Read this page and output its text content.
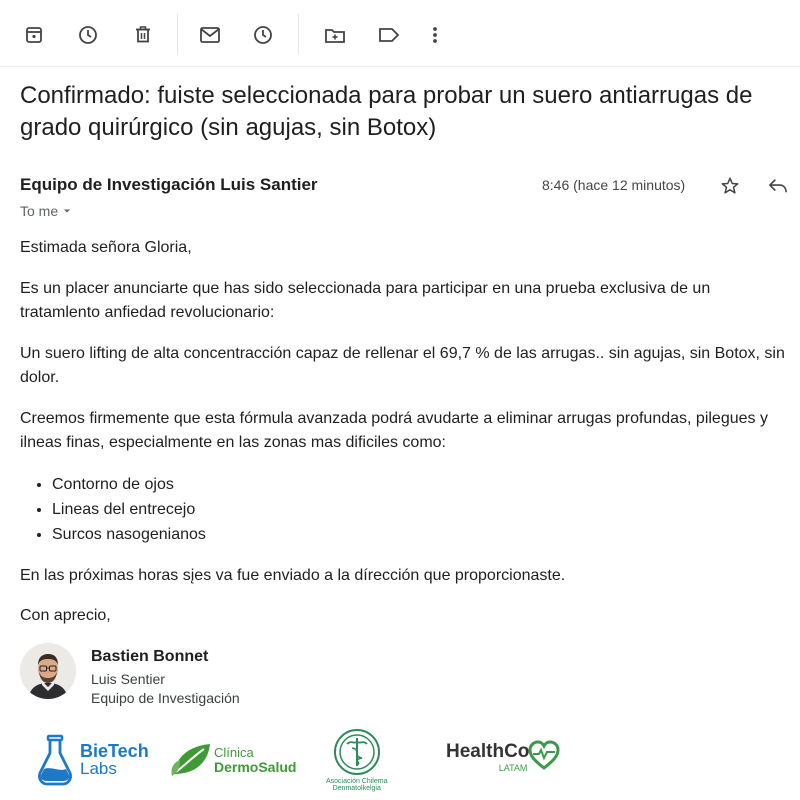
Confirmado: fuiste seleccionada para probar un suero antiarrugas de grado quirúrgico (sin agujas, sin Botox)
Equipo de Investigación Luis Santier	8:46 (hace 12 minutos)
To me

Estimada señora Gloria,

Es un placer anunciarte que has sido seleccionada para participar en una prueba exclusiva de un tratamlento anfiedad revolucionario:

Un suero lifting de alta concentracción capaz de rellenar el 69,7 % de las arrugas.. sin agujas, sin Botox, sin dolor.

Creemos firmemente que esta fórmula avanzada podrá avudarte a eliminar arrugas profundas, pilegues y ilneas finas, especialmente en las zonas mas dificiles como:

• Contorno de ojos
• Lineas del entrecejo
• Surcos nasogenianos

En las próximas horas sįes va fue enviado a la dírección que proporcionaste.

Con aprecio,

Bastien Bonnet
Luis Sentier
Equipo de Investigación
BieTech
Labs
Clínica
DermoSalud
Asociación Chilema
Denmatolkelgia
HealthCo
LATAM
